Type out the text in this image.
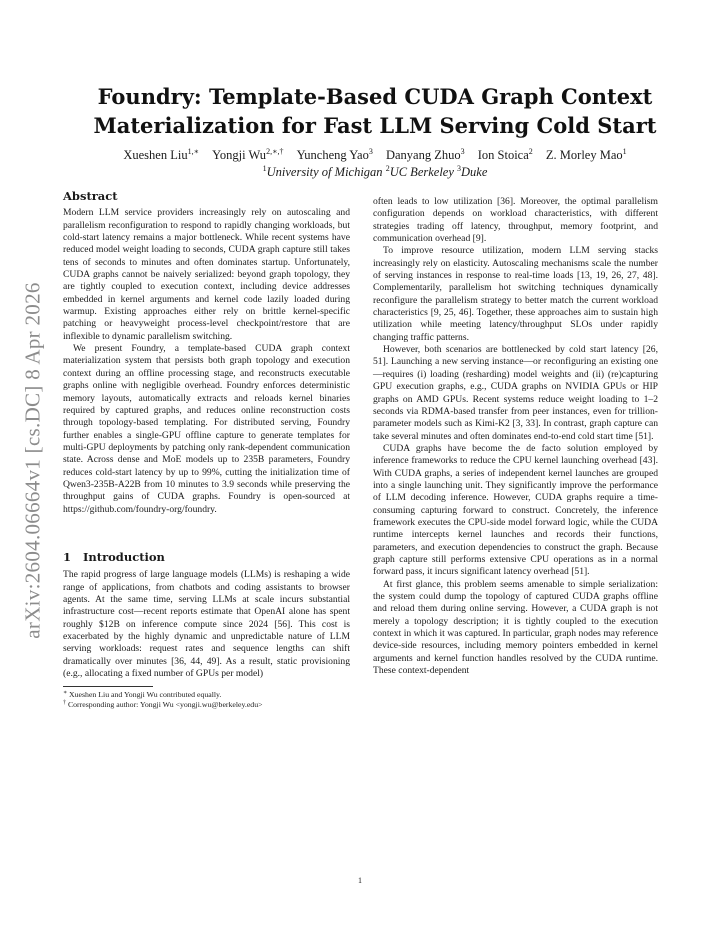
arXiv:2604.06664v1 [cs.DC] 8 Apr 2026
Foundry: Template-Based CUDA Graph Context
Materialization for Fast LLM Serving Cold Start
Xueshen Liu$^{1,∗}$ Yongji $Wu^{2,∗,\dagger}$ Yuncheng Yao$^3$ Danyang Zhuo$^3$ Ion Stoica$^2$ Z. Morley Mao$^1$
$^1$University of Michigan $^2$UC Berkeley $^3$Duke
Abstract

Modern LLM service providers increasingly rely on autoscaling and parallelism reconfiguration to respond to rapidly changing workloads, but cold-start latency remains a major bottleneck. While recent systems have reduced model weight loading to seconds, CUDA graph capture still takes tens of seconds to minutes and often dominates startup. Unfortunately, CUDA graphs cannot be naively serialized: beyond graph topology, they are tightly coupled to execution context, including device addresses embedded in kernel arguments and kernel code lazily loaded during warmup. Existing approaches either rely on brittle kernel-specific patching or heavyweight process-level checkpoint/restore that are inflexible to dynamic parallelism switching.

We present Foundry, a template-based CUDA graph context materialization system that persists both graph topology and execution context during an offline processing stage, and reconstructs executable graphs online with negligible overhead. Foundry enforces deterministic memory layouts, automatically extracts and reloads kernel binaries required by captured graphs, and reduces online reconstruction costs through topology-based templating. For distributed serving, Foundry further enables a single-GPU offline capture to generate templates for multi-GPU deployments by patching only rank-dependent communication state. Across dense and MoE models up to 235B parameters, Foundry reduces cold-start latency by up to 99%, cutting the initialization time of Qwen3-235B-A22B from 10 minutes to 3.9 seconds while preserving the throughput gains of CUDA graphs. Foundry is open-sourced at https://github.com/foundry-org/foundry.

1 Introduction

The rapid progress of large language models (LLMs) is reshaping a wide range of applications, from chatbots and coding assistants to browser agents. At the same time, serving LLMs at scale incurs substantial infrastructure cost—recent reports estimate that OpenAI alone has spent roughly $12B on inference compute since 2024 [56]. This cost is exacerbated by the highly dynamic and unpredictable nature of LLM serving workloads: request rates and sequence lengths can shift dramatically over minutes [36, 44, 49]. As a result, static provisioning (e.g., allocating a fixed number of GPUs per model)

∗ Xueshen Liu and Yongji Wu contributed equally.

† Corresponding author: Yongji Wu <yongji.wu@berkeley.edu>

often leads to low utilization [36]. Moreover, the optimal parallelism configuration depends on workload characteristics, with different strategies trading off latency, throughput, memory footprint, and communication overhead [9].

To improve resource utilization, modern LLM serving stacks increasingly rely on elasticity. Autoscaling mechanisms scale the number of serving instances in response to real-time loads [13, 19, 26, 27, 48]. Complementarily, parallelism hot switching techniques dynamically reconfigure the parallelism strategy to better match the current workload characteristics [9, 25, 46]. Together, these approaches aim to sustain high utilization while meeting latency/throughput SLOs under rapidly changing traffic patterns.

However, both scenarios are bottlenecked by cold start latency [26, 51]. Launching a new serving instance—or reconfiguring an existing one—requires (i) loading (resharding) model weights and (ii) (re)capturing GPU execution graphs, e.g., CUDA graphs on NVIDIA GPUs or HIP graphs on AMD GPUs. Recent systems reduce weight loading to 1–2 seconds via RDMA-based transfer from peer instances, even for trillion-parameter models such as Kimi-K2 [3, 33]. In contrast, graph capture can take several minutes and often dominates end-to-end cold start time [51].

CUDA graphs have become the de facto solution employed by inference frameworks to reduce the CPU kernel launching overhead [43]. With CUDA graphs, a series of independent kernel launches are grouped into a single launching unit. They significantly improve the performance of LLM decoding inference. However, CUDA graphs require a time-consuming capturing forward to construct. Concretely, the inference framework executes the CPU-side model forward logic, while the CUDA runtime intercepts kernel launches and records their functions, parameters, and execution dependencies to construct the graph. Because graph capture still performs extensive CPU operations as in a normal forward pass, it incurs significant latency overhead [51].

At first glance, this problem seems amenable to simple serialization: the system could dump the topology of captured CUDA graphs offline and reload them during online serving. However, a CUDA graph is not merely a topology description; it is tightly coupled to the execution context in which it was captured. In particular, graph nodes may reference device-side resources, including memory pointers embedded in kernel arguments and kernel function handles resolved by the CUDA runtime. These context-dependent

1
